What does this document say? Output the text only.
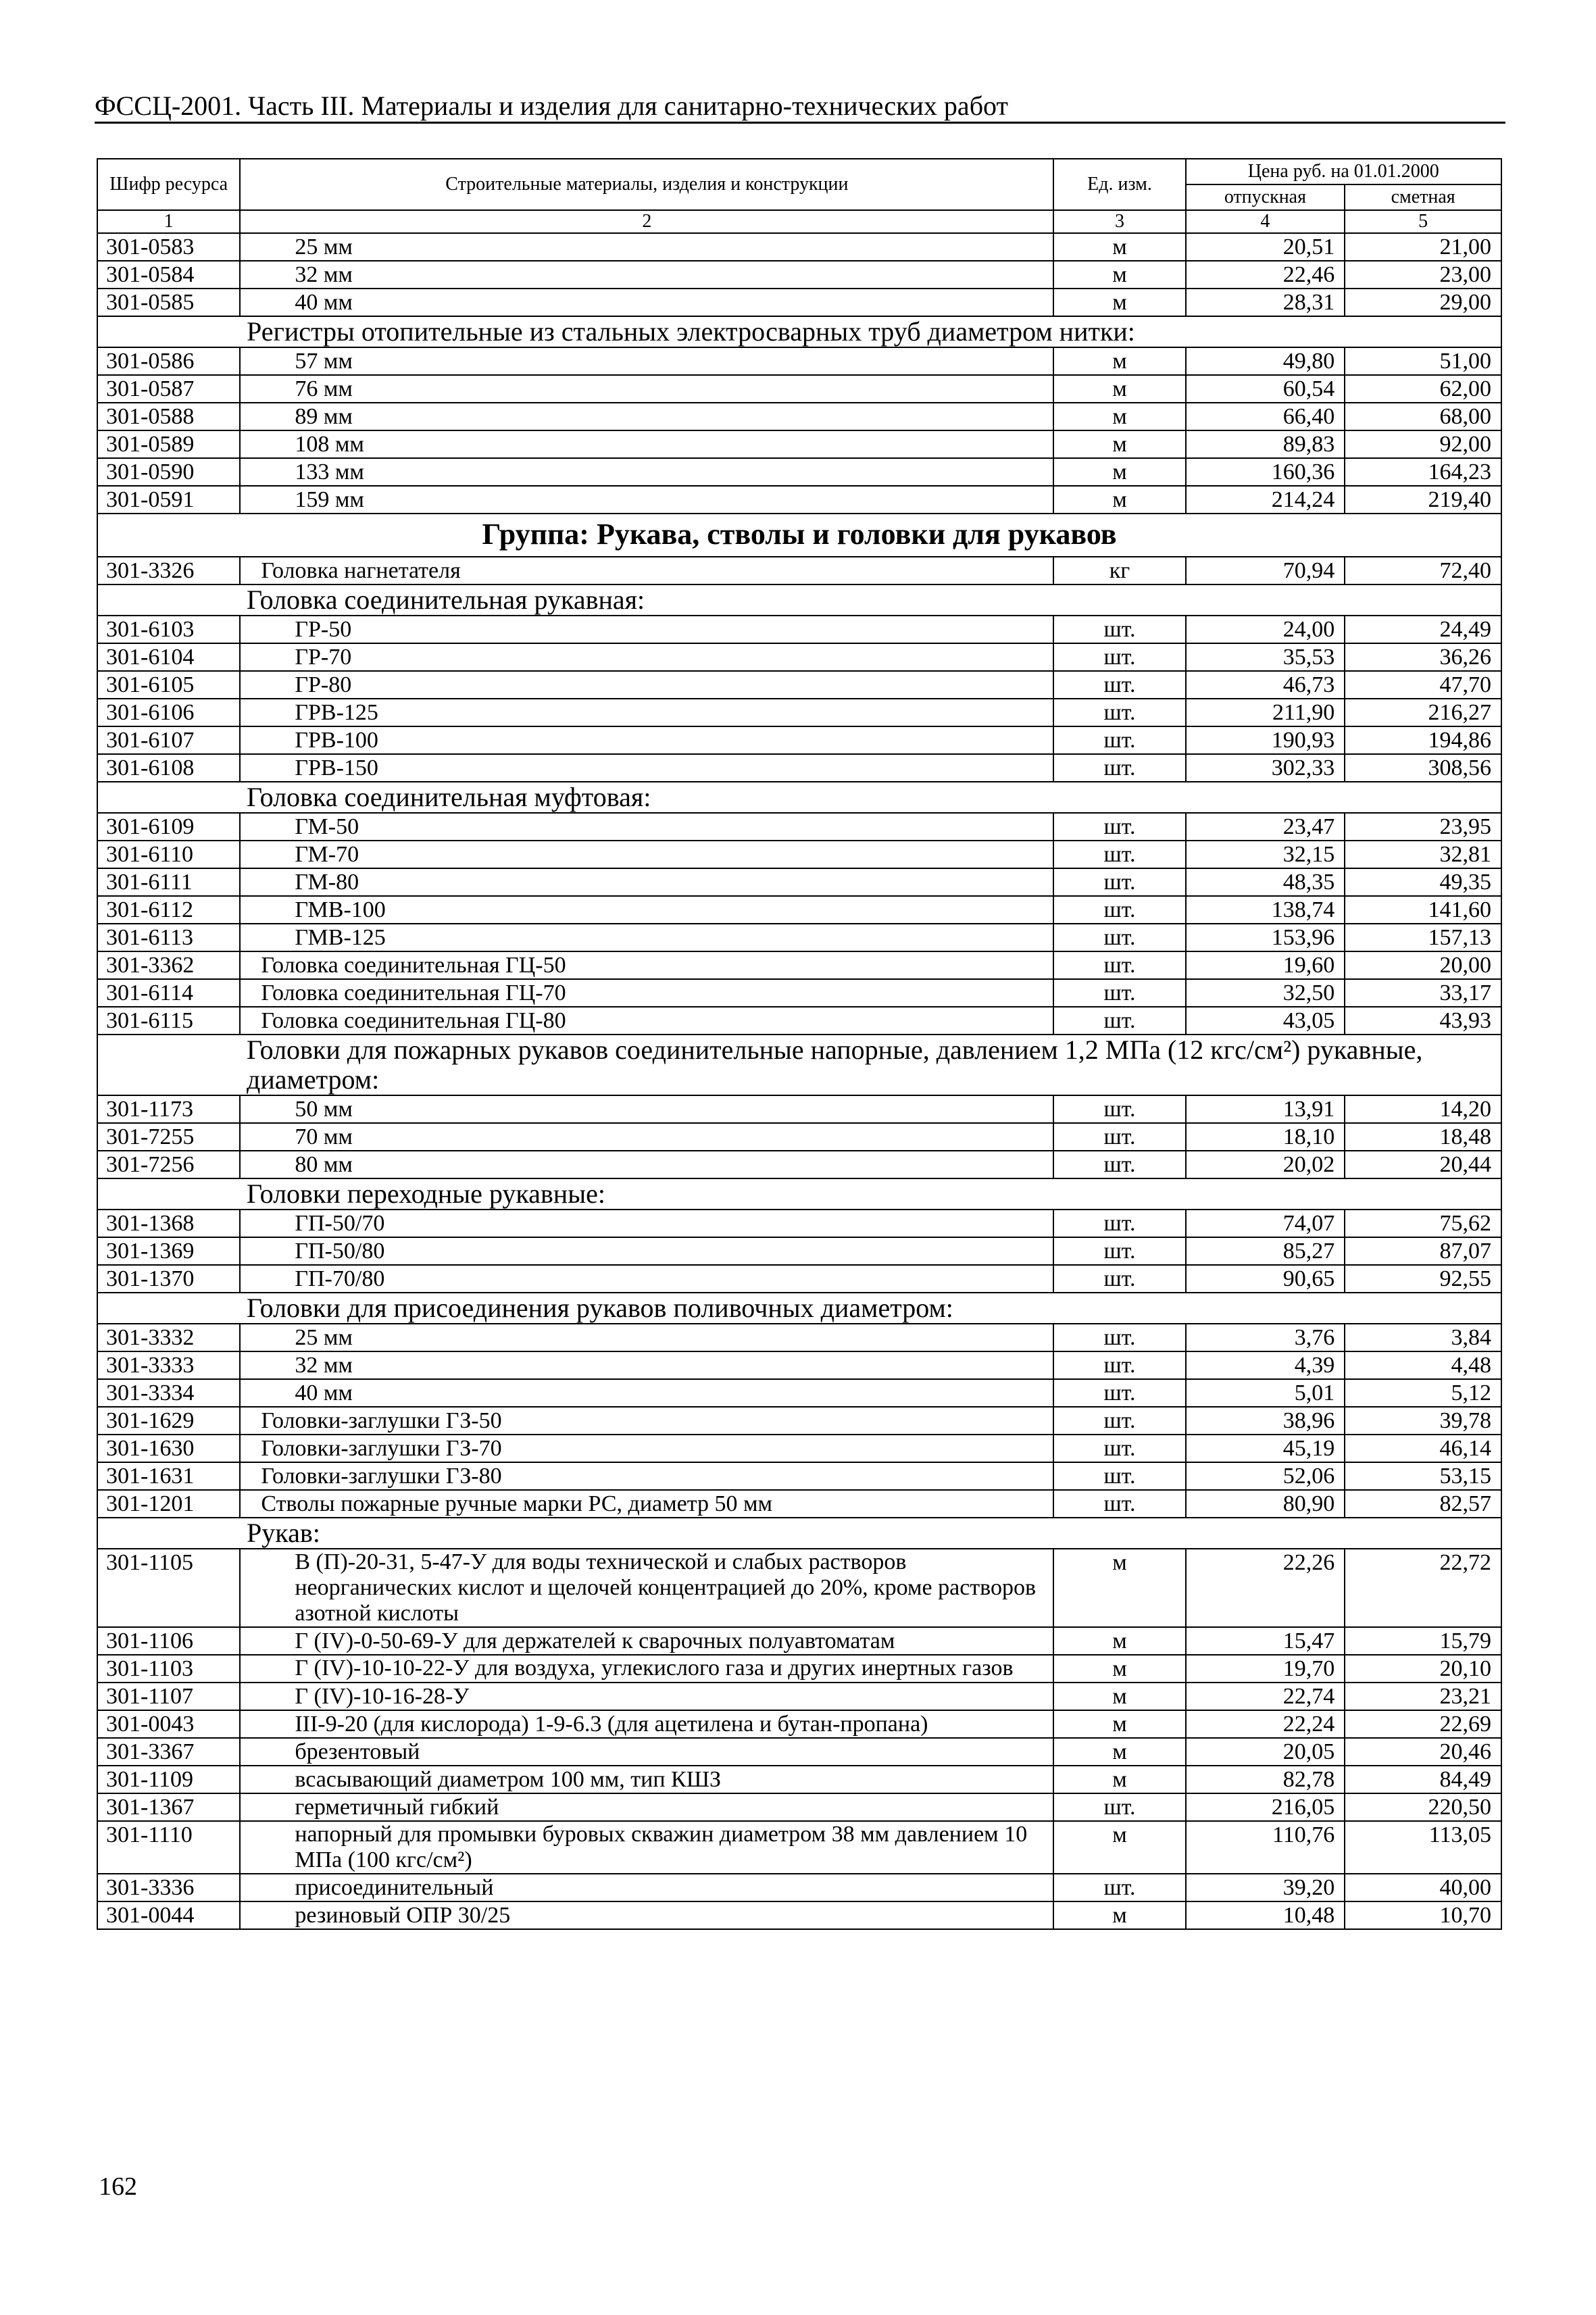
ФССЦ-2001. Часть III. Материалы и изделия для санитарно-технических работ
Шифр ресурса	Строительные материалы, изделия и конструкции	Ед. изм.	Цена руб. на 01.01.2000	
			отпускная	сметная
1	2	3	4	5
301-0583	25 мм	м	20,51	21,00
301-0584	32 мм	м	22,46	23,00
301-0585	40 мм	м	28,31	29,00
Регистры отопительные из стальных электросварных труб диаметром нитки:				
301-0586	57 мм	м	49,80	51,00
301-0587	76 мм	м	60,54	62,00
301-0588	89 мм	м	66,40	68,00
301-0589	108 мм	м	89,83	92,00
301-0590	133 мм	м	160,36	164,23
301-0591	159 мм	м	214,24	219,40
Группа: Рукава, стволы и головки для рукавов				
301-3326	Головка нагнетателя	кг	70,94	72,40
Головка соединительная рукавная:				
301-6103	ГР-50	шт.	24,00	24,49
301-6104	ГР-70	шт.	35,53	36,26
301-6105	ГР-80	шт.	46,73	47,70
301-6106	ГРВ-125	шт.	211,90	216,27
301-6107	ГРВ-100	шт.	190,93	194,86
301-6108	ГРВ-150	шт.	302,33	308,56
Головка соединительная муфтовая:				
301-6109	ГМ-50	шт.	23,47	23,95
301-6110	ГМ-70	шт.	32,15	32,81
301-6111	ГМ-80	шт.	48,35	49,35
301-6112	ГМВ-100	шт.	138,74	141,60
301-6113	ГМВ-125	шт.	153,96	157,13
301-3362	Головка соединительная ГЦ-50	шт.	19,60	20,00
301-6114	Головка соединительная ГЦ-70	шт.	32,50	33,17
301-6115	Головка соединительная ГЦ-80	шт.	43,05	43,93
Головки для пожарных рукавов соединительные напорные, давлением 1,2 МПа (12 кгс/см²) рукавные, диаметром:				
301-1173	50 мм	шт.	13,91	14,20
301-7255	70 мм	шт.	18,10	18,48
301-7256	80 мм	шт.	20,02	20,44
Головки переходные рукавные:				
301-1368	ГП-50/70	шт.	74,07	75,62
301-1369	ГП-50/80	шт.	85,27	87,07
301-1370	ГП-70/80	шт.	90,65	92,55
Головки для присоединения рукавов поливочных диаметром:				
301-3332	25 мм	шт.	3,76	3,84
301-3333	32 мм	шт.	4,39	4,48
301-3334	40 мм	шт.	5,01	5,12
301-1629	Головки-заглушки ГЗ-50	шт.	38,96	39,78
301-1630	Головки-заглушки ГЗ-70	шт.	45,19	46,14
301-1631	Головки-заглушки ГЗ-80	шт.	52,06	53,15
301-1201	Стволы пожарные ручные марки РС, диаметр 50 мм	шт.	80,90	82,57
Рукав:				
301-1105	В (П)-20-31, 5-47-У для воды технической и слабых растворов неорганических кислот и щелочей концентрацией до 20%, кроме растворов азотной кислоты	м	22,26	22,72
301-1106	Г (IV)-0-50-69-У для держателей к сварочных полуавтоматам	м	15,47	15,79
301-1103	Г (IV)-10-10-22-У для воздуха, углекислого газа и других инертных газов	м	19,70	20,10
301-1107	Г (IV)-10-16-28-У	м	22,74	23,21
301-0043	III-9-20 (для кислорода) 1-9-6.3 (для ацетилена и бутан-пропана)	м	22,24	22,69
301-3367	брезентовый	м	20,05	20,46
301-1109	всасывающий диаметром 100 мм, тип КШЗ	м	82,78	84,49
301-1367	герметичный гибкий	шт.	216,05	220,50
301-1110	напорный для промывки буровых скважин диаметром 38 мм давлением 10 МПа (100 кгс/см²)	м	110,76	113,05
301-3336	присоединительный	шт.	39,20	40,00
301-0044	резиновый ОПР 30/25	м	10,48	10,70
162
